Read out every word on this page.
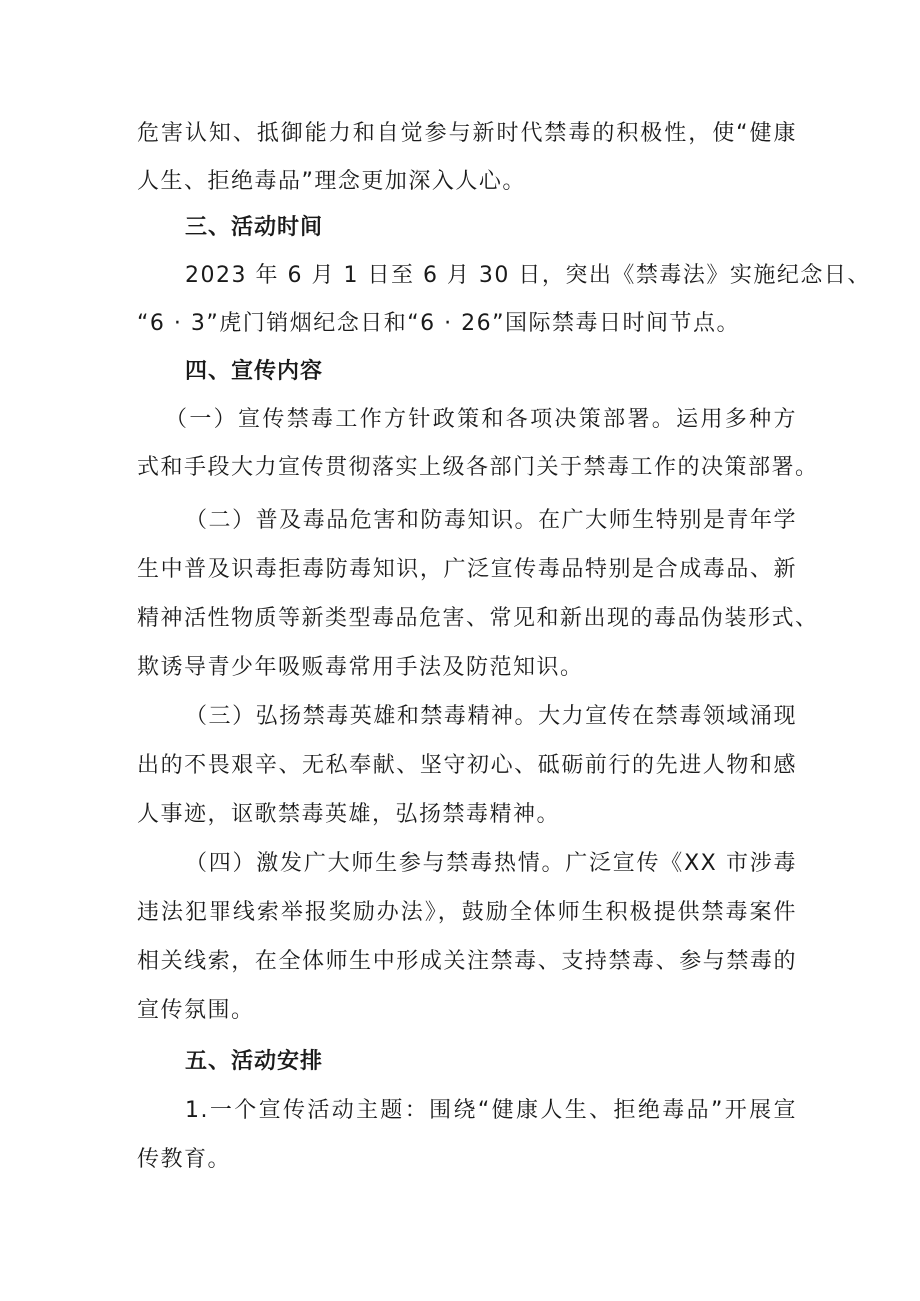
危害认知、抵御能力和自觉参与新时代禁毒的积极性，使“健康
人生、拒绝毒品”理念更加深入人心。
三、活动时间
2023 年 6 月 1 日至 6 月 30 日，突出《禁毒法》实施纪念日、
“6 · 3”虎门销烟纪念日和“6 · 26”国际禁毒日时间节点。
四、宣传内容
（一）宣传禁毒工作方针政策和各项决策部署。运用多种方
式和手段大力宣传贯彻落实上级各部门关于禁毒工作的决策部署。
（二）普及毒品危害和防毒知识。在广大师生特别是青年学
生中普及识毒拒毒防毒知识，广泛宣传毒品特别是合成毒品、新
精神活性物质等新类型毒品危害、常见和新出现的毒品伪装形式、
欺诱导青少年吸贩毒常用手法及防范知识。
（三）弘扬禁毒英雄和禁毒精神。大力宣传在禁毒领域涌现
出的不畏艰辛、无私奉献、坚守初心、砥砺前行的先进人物和感
人事迹，讴歌禁毒英雄，弘扬禁毒精神。
（四）激发广大师生参与禁毒热情。广泛宣传《XX 市涉毒
违法犯罪线索举报奖励办法》，鼓励全体师生积极提供禁毒案件
相关线索，在全体师生中形成关注禁毒、支持禁毒、参与禁毒的
宣传氛围。
五、活动安排
1.一个宣传活动主题：围绕“健康人生、拒绝毒品”开展宣
传教育。
